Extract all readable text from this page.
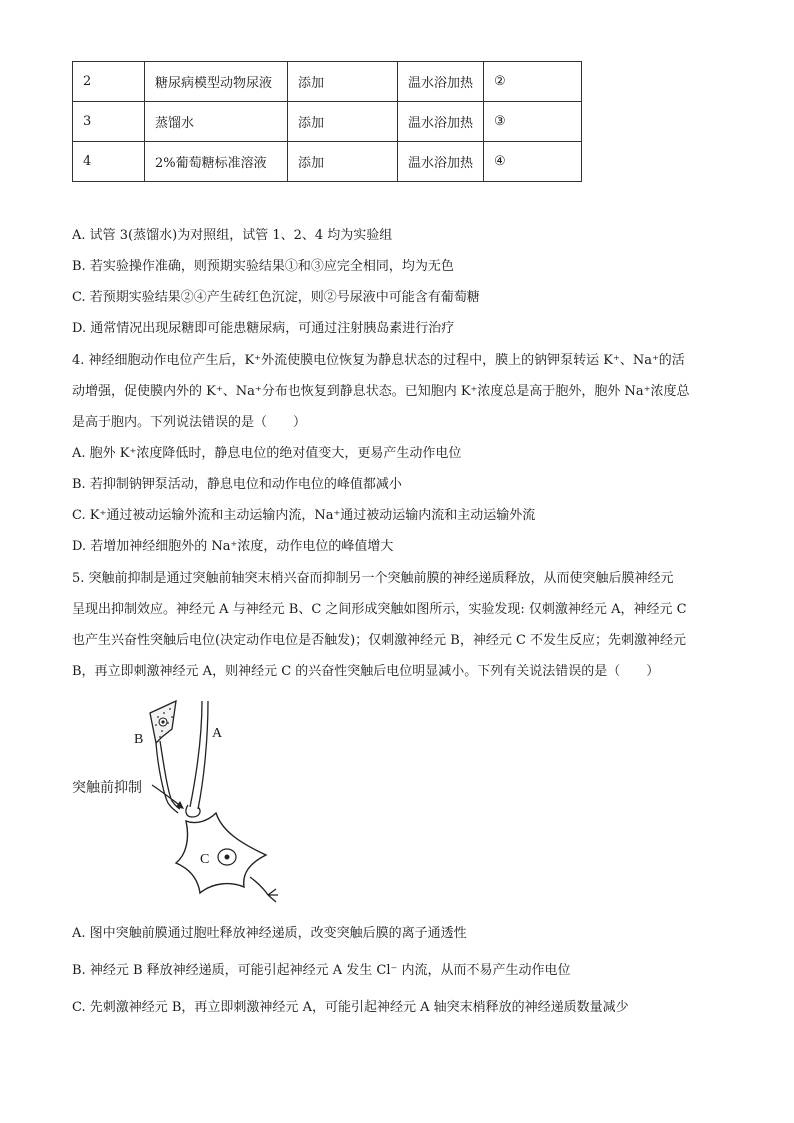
2	糖尿病模型动物尿液	添加	温水浴加热	②
3	蒸馏水	添加	温水浴加热	③
4	2%葡萄糖标准溶液	添加	温水浴加热	④
A. 试管 3(蒸馏水)为对照组，试管 1、2、4 均为实验组
B. 若实验操作准确，则预期实验结果①和③应完全相同，均为无色
C. 若预期实验结果②④产生砖红色沉淀，则②号尿液中可能含有葡萄糖
D. 通常情况出现尿糖即可能患糖尿病，可通过注射胰岛素进行治疗
4. 神经细胞动作电位产生后，K⁺外流使膜电位恢复为静息状态的过程中，膜上的钠钾泵转运 K⁺、Na⁺的活
动增强，促使膜内外的 K⁺、Na⁺分布也恢复到静息状态。已知胞内 K⁺浓度总是高于胞外，胞外 Na⁺浓度总
是高于胞内。下列说法错误的是（　　）
A. 胞外 K⁺浓度降低时，静息电位的绝对值变大，更易产生动作电位
B. 若抑制钠钾泵活动，静息电位和动作电位的峰值都减小
C. K⁺通过被动运输外流和主动运输内流，Na⁺通过被动运输内流和主动运输外流
D. 若增加神经细胞外的 Na⁺浓度，动作电位的峰值增大
5. 突触前抑制是通过突触前轴突末梢兴奋而抑制另一个突触前膜的神经递质释放，从而使突触后膜神经元
呈现出抑制效应。神经元 A 与神经元 B、C 之间形成突触如图所示，实验发现: 仅刺激神经元 A，神经元 C
也产生兴奋性突触后电位(决定动作电位是否触发)；仅刺激神经元 B，神经元 C 不发生反应；先刺激神经元
B，再立即刺激神经元 A，则神经元 C 的兴奋性突触后电位明显减小。下列有关说法错误的是（　　）
B	A
突触前抑制
C
A. 图中突触前膜通过胞吐释放神经递质，改变突触后膜的离子通透性
B. 神经元 B 释放神经递质，可能引起神经元 A 发生 Cl⁻ 内流，从而不易产生动作电位
C. 先刺激神经元 B，再立即刺激神经元 A，可能引起神经元 A 轴突末梢释放的神经递质数量减少
